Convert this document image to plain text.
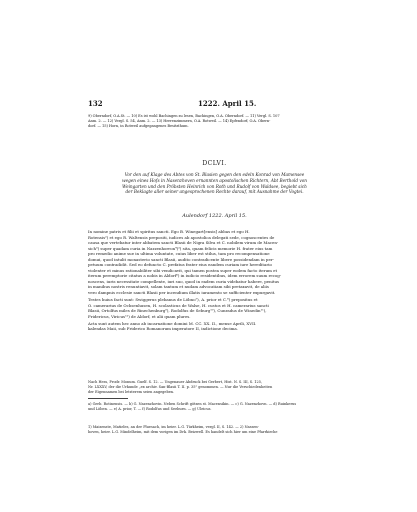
132	1222. April 15.
9) Oberndorf, O.A.St. — 10) Es ist wohl Bachingen zu lesen, Bachingen, O.A. Oberndorf. — 11) Vergl. S. 107
Anm. 2. — 12) Vergl. S. 54, Anm. 2. — 13) Herrenzimmern, O.A. Rotweil. — 14) Epfendorf, O.A. Obern-
dorf. — 15) Horn, in Rotweil aufgegangenes Besitzthum.
DCLVI.
Vor den auf Klage des Abtes von St. Blasien gegen den edeln Konrad von Mamensee
wegen eines Hofs in Nasenzhoven ernannten apostolischen Richtern, Abt Berthold von
Weingarten und den Pröbsten Heinrich von Roth und Rudolf von Waldsee, begiebt sich
der Beklagte aller seiner angesprochenen Rechte darauf, mit Ausnahme der Vogtei.
Aulendorf 1222. April 15.
In nomine patris et filii et spiritus sancti. Ego B. Winegart[ensis] abbas et ego H.
Rotensis²) et ego R. Waltensis prepositi, iudices ab apostolica delegati sede, cognoscentes de
causa que vertebatur inter abbatem sancti Blasii de Nigra Silva et C. nobilem virum de Macen-
sich³) super quadam curia in Nazzenhorron⁴)⁵) sita, quam felicis memorie H. frater eius tam
pro remedio anime sue in ultima voluntate, cuius liber est stilus, tam pro recompensatione
domui, quod intulit monasterio sancti Blasii, audito contradicente libere possidendam in per-
petuum contradidit. Sed eo defuncto C. prefatus frater eius eandem curiam iure hereditario
violenter et minus rationabiliter sibi vendicavit, qui tamen postea super eodem facto iterum et
iterum peremptorie citatus a nobis in Aldorf⁶) in iudicio residentibus, idem errorem suum recog-
noscens, iuris necessitate compellente, iuri suo, quod in eadem curia videbatur habere, penitus
in manibus nostris renuntiavit, solam tantum et nudam advocatiam sibi pretaxavit, de aliis
vero dampnis ecclesie sancti Blasii per incendium illatis iuramento se sufficienter expurgavit.
Testes huius facti sunt: Swiggerus plebanus de Löbno⁷), A. prior et C.⁸) prepositus et
O. camerarius de Ochsenhusen, H. scolasticus de Walse, H. custos et H. camerarius sancti
Blasii, Ortolfus miles de Rinechenburg⁹), Rodolfus de Seburg¹⁰), Cunradus de Winedin¹¹),
Fridericus, Viricus¹²) de Aldorf, et alii quam plures.
Acta sunt autem hec anno ab incarnatione domini M. CC. XX. II., mense Aprili, XVII.
kalendas Maii, sub Friderico Romanorum imperatore II, indictione decima.
Nach Hess, Prodr. Monum. Guelf. S. 12. — Ungenauer Abdruck bei Gerbert, Hist. N. S. III, S. 125,
Nr. LXXXV, der die Urkunde „ex archiv. San-Blasii T. II. p. 35" genommen. — Nur die Verschiedenheiten
der Eigennamen bei letzterem seien angegeben.
a) Gerb. Rotinensis. — b) G. Nazenzhovin. Neben Schrift götzen st. Macensikin. — c) G. Nazenzhovn. — d) Ruinkerus
und Löben. — e) A. prior, T. — f) Rodolfus und Seeburn. — g) Uleicus.
1) Maizenste, Matieles, an der Pluesach, im heier. L.G. Türkheim, vergl. II, S. 142. — 2) Nassen-
hoven, heier. L.G. Mindelheim, mit dem vorigen im Drk. Beizwell. Es handelt sich hier um eine Pfarrkirche
